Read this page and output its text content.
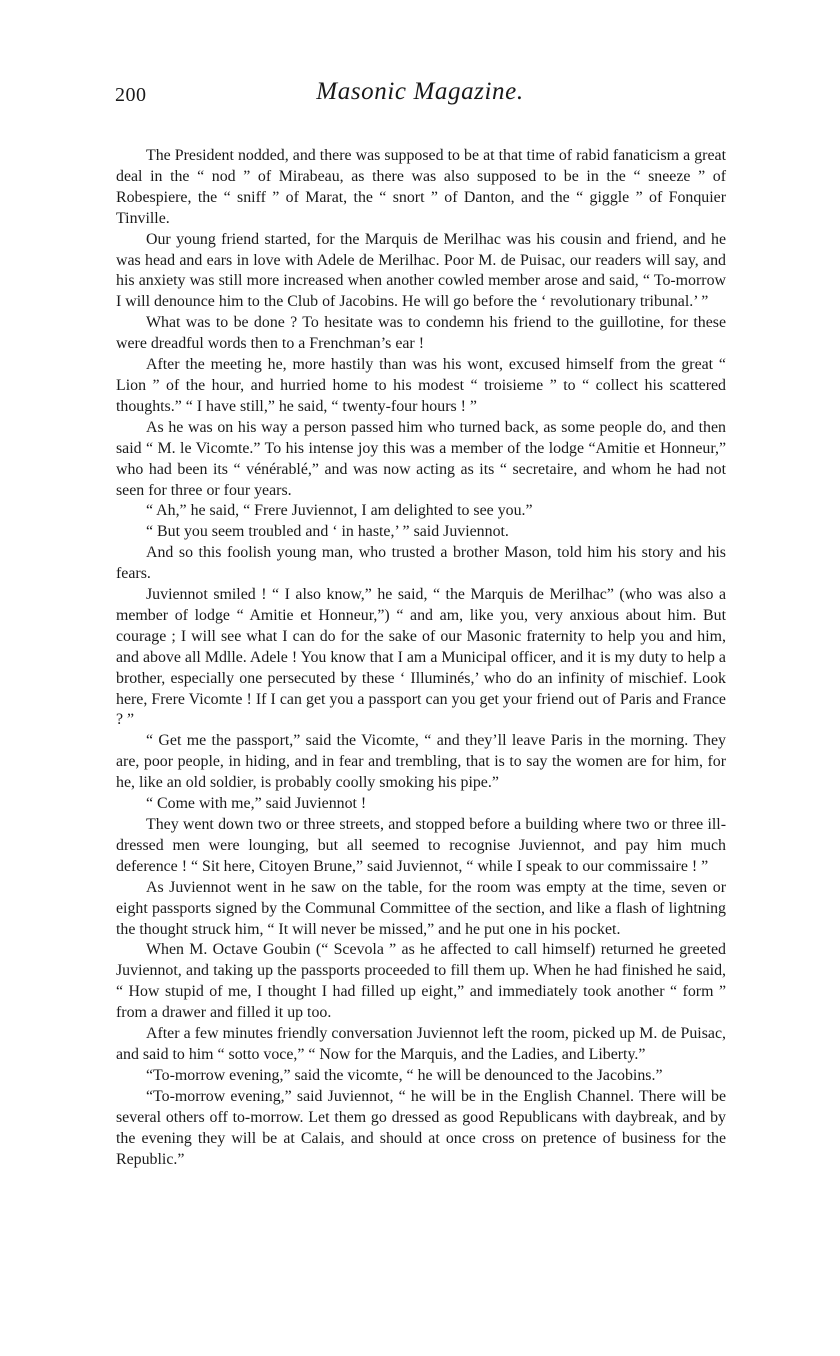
200	Masonic Magazine.

The President nodded, and there was supposed to be at that time of rabid fanaticism a great deal in the “ nod ” of Mirabeau, as there was also supposed to be in the “ sneeze ” of Robespiere, the “ sniff ” of Marat, the “ snort ” of Danton, and the “ giggle ” of Fonquier Tinville.

Our young friend started, for the Marquis de Merilhac was his cousin and friend, and he was head and ears in love with Adele de Merilhac. Poor M. de Puisac, our readers will say, and his anxiety was still more increased when another cowled member arose and said, “ To-morrow I will denounce him to the Club of Jacobins. He will go before the ‘ revolutionary tribunal.’ ”

What was to be done ? To hesitate was to condemn his friend to the guillotine, for these were dreadful words then to a Frenchman’s ear !

After the meeting he, more hastily than was his wont, excused himself from the great “ Lion ” of the hour, and hurried home to his modest “ troisieme ” to “ collect his scattered thoughts.” “ I have still,” he said, “ twenty-four hours ! ”

As he was on his way a person passed him who turned back, as some people do, and then said “ M. le Vicomte.” To his intense joy this was a member of the lodge “Amitie et Honneur,” who had been its “ vénérablé,” and was now acting as its “ secretaire, and whom he had not seen for three or four years.

“ Ah,” he said, “ Frere Juviennot, I am delighted to see you.”

“ But you seem troubled and ‘ in haste,’ ” said Juviennot.

And so this foolish young man, who trusted a brother Mason, told him his story and his fears.

Juviennot smiled ! “ I also know,” he said, “ the Marquis de Merilhac” (who was also a member of lodge “ Amitie et Honneur,”) “ and am, like you, very anxious about him. But courage ; I will see what I can do for the sake of our Masonic fraternity to help you and him, and above all Mdlle. Adele ! You know that I am a Municipal officer, and it is my duty to help a brother, especially one persecuted by these ‘ Illuminés,’ who do an infinity of mischief. Look here, Frere Vicomte ! If I can get you a passport can you get your friend out of Paris and France ? ”

“ Get me the passport,” said the Vicomte, “ and they’ll leave Paris in the morning. They are, poor people, in hiding, and in fear and trembling, that is to say the women are for him, for he, like an old soldier, is probably coolly smoking his pipe.”

“ Come with me,” said Juviennot !

They went down two or three streets, and stopped before a building where two or three ill-dressed men were lounging, but all seemed to recognise Juviennot, and pay him much deference ! “ Sit here, Citoyen Brune,” said Juviennot, “ while I speak to our commissaire ! ”

As Juviennot went in he saw on the table, for the room was empty at the time, seven or eight passports signed by the Communal Committee of the section, and like a flash of lightning the thought struck him, “ It will never be missed,” and he put one in his pocket.

When M. Octave Goubin (“ Scevola ” as he affected to call himself) returned he greeted Juviennot, and taking up the passports proceeded to fill them up. When he had finished he said, “ How stupid of me, I thought I had filled up eight,” and immediately took another “ form ” from a drawer and filled it up too.

After a few minutes friendly conversation Juviennot left the room, picked up M. de Puisac, and said to him “ sotto voce,” “ Now for the Marquis, and the Ladies, and Liberty.”

“To-morrow evening,” said the vicomte, “ he will be denounced to the Jacobins.”

“To-morrow evening,” said Juviennot, “ he will be in the English Channel. There will be several others off to-morrow. Let them go dressed as good Republicans with daybreak, and by the evening they will be at Calais, and should at once cross on pretence of business for the Republic.”
